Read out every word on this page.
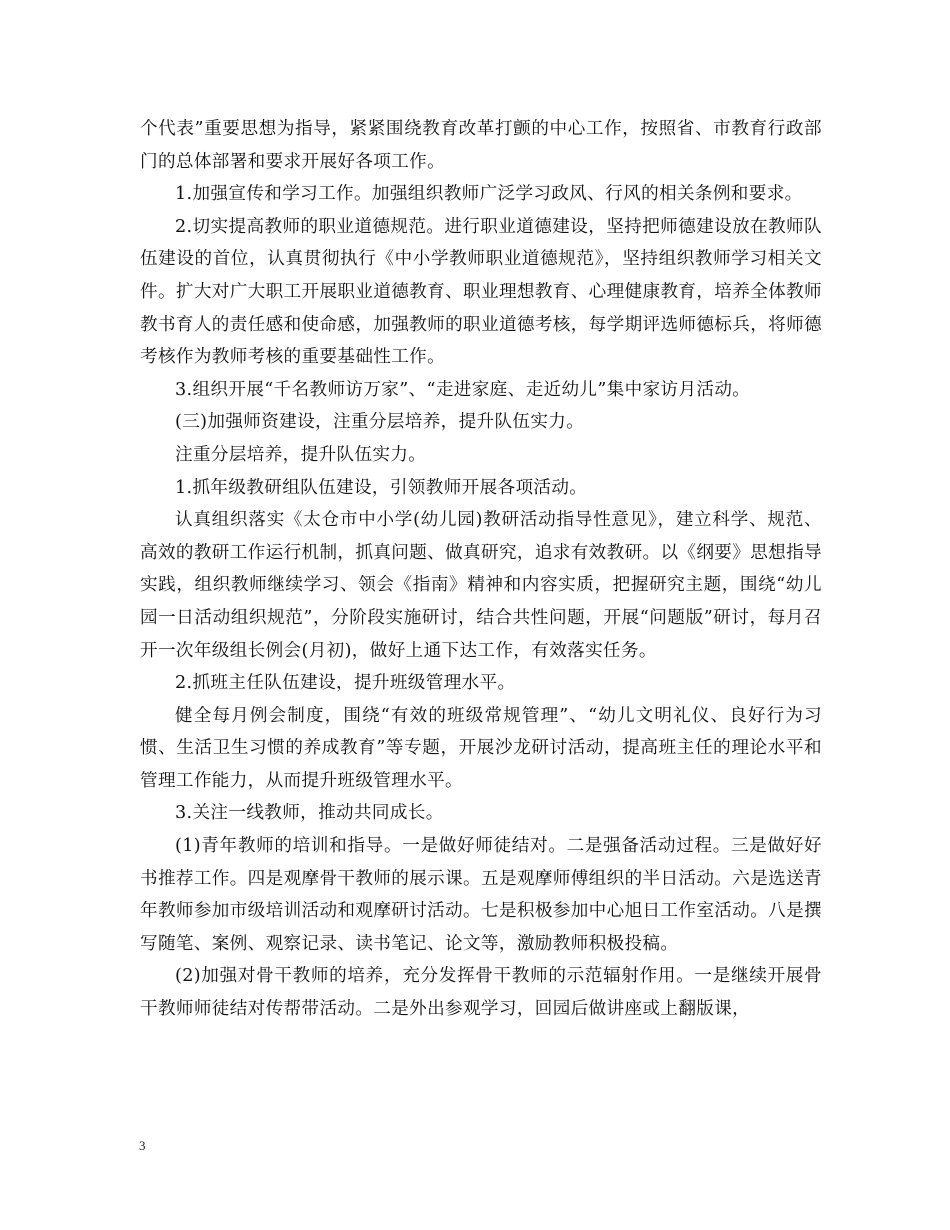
个代表”重要思想为指导，紧紧围绕教育改革打颤的中心工作，按照省、市教育行政部门的总体部署和要求开展好各项工作。

1.加强宣传和学习工作。加强组织教师广泛学习政风、行风的相关条例和要求。

2.切实提高教师的职业道德规范。进行职业道德建设，坚持把师德建设放在教师队伍建设的首位，认真贯彻执行《中小学教师职业道德规范》，坚持组织教师学习相关文件。扩大对广大职工开展职业道德教育、职业理想教育、心理健康教育，培养全体教师教书育人的责任感和使命感，加强教师的职业道德考核，每学期评选师德标兵，将师德考核作为教师考核的重要基础性工作。

3.组织开展“千名教师访万家”、“走进家庭、走近幼儿”集中家访月活动。

(三)加强师资建设，注重分层培养，提升队伍实力。

注重分层培养，提升队伍实力。

1.抓年级教研组队伍建设，引领教师开展各项活动。

认真组织落实《太仓市中小学(幼儿园)教研活动指导性意见》，建立科学、规范、高效的教研工作运行机制，抓真问题、做真研究，追求有效教研。以《纲要》思想指导实践，组织教师继续学习、领会《指南》精神和内容实质，把握研究主题，围绕“幼儿园一日活动组织规范”，分阶段实施研讨，结合共性问题，开展“问题版”研讨，每月召开一次年级组长例会(月初)，做好上通下达工作，有效落实任务。

2.抓班主任队伍建设，提升班级管理水平。

健全每月例会制度，围绕“有效的班级常规管理”、“幼儿文明礼仪、良好行为习惯、生活卫生习惯的养成教育”等专题，开展沙龙研讨活动，提高班主任的理论水平和管理工作能力，从而提升班级管理水平。

3.关注一线教师，推动共同成长。

(1)青年教师的培训和指导。一是做好师徒结对。二是强备活动过程。三是做好好书推荐工作。四是观摩骨干教师的展示课。五是观摩师傅组织的半日活动。六是选送青年教师参加市级培训活动和观摩研讨活动。七是积极参加中心旭日工作室活动。八是撰写随笔、案例、观察记录、读书笔记、论文等，激励教师积极投稿。

(2)加强对骨干教师的培养，充分发挥骨干教师的示范辐射作用。一是继续开展骨干教师师徒结对传帮带活动。二是外出参观学习，回园后做讲座或上翻版课，

3
